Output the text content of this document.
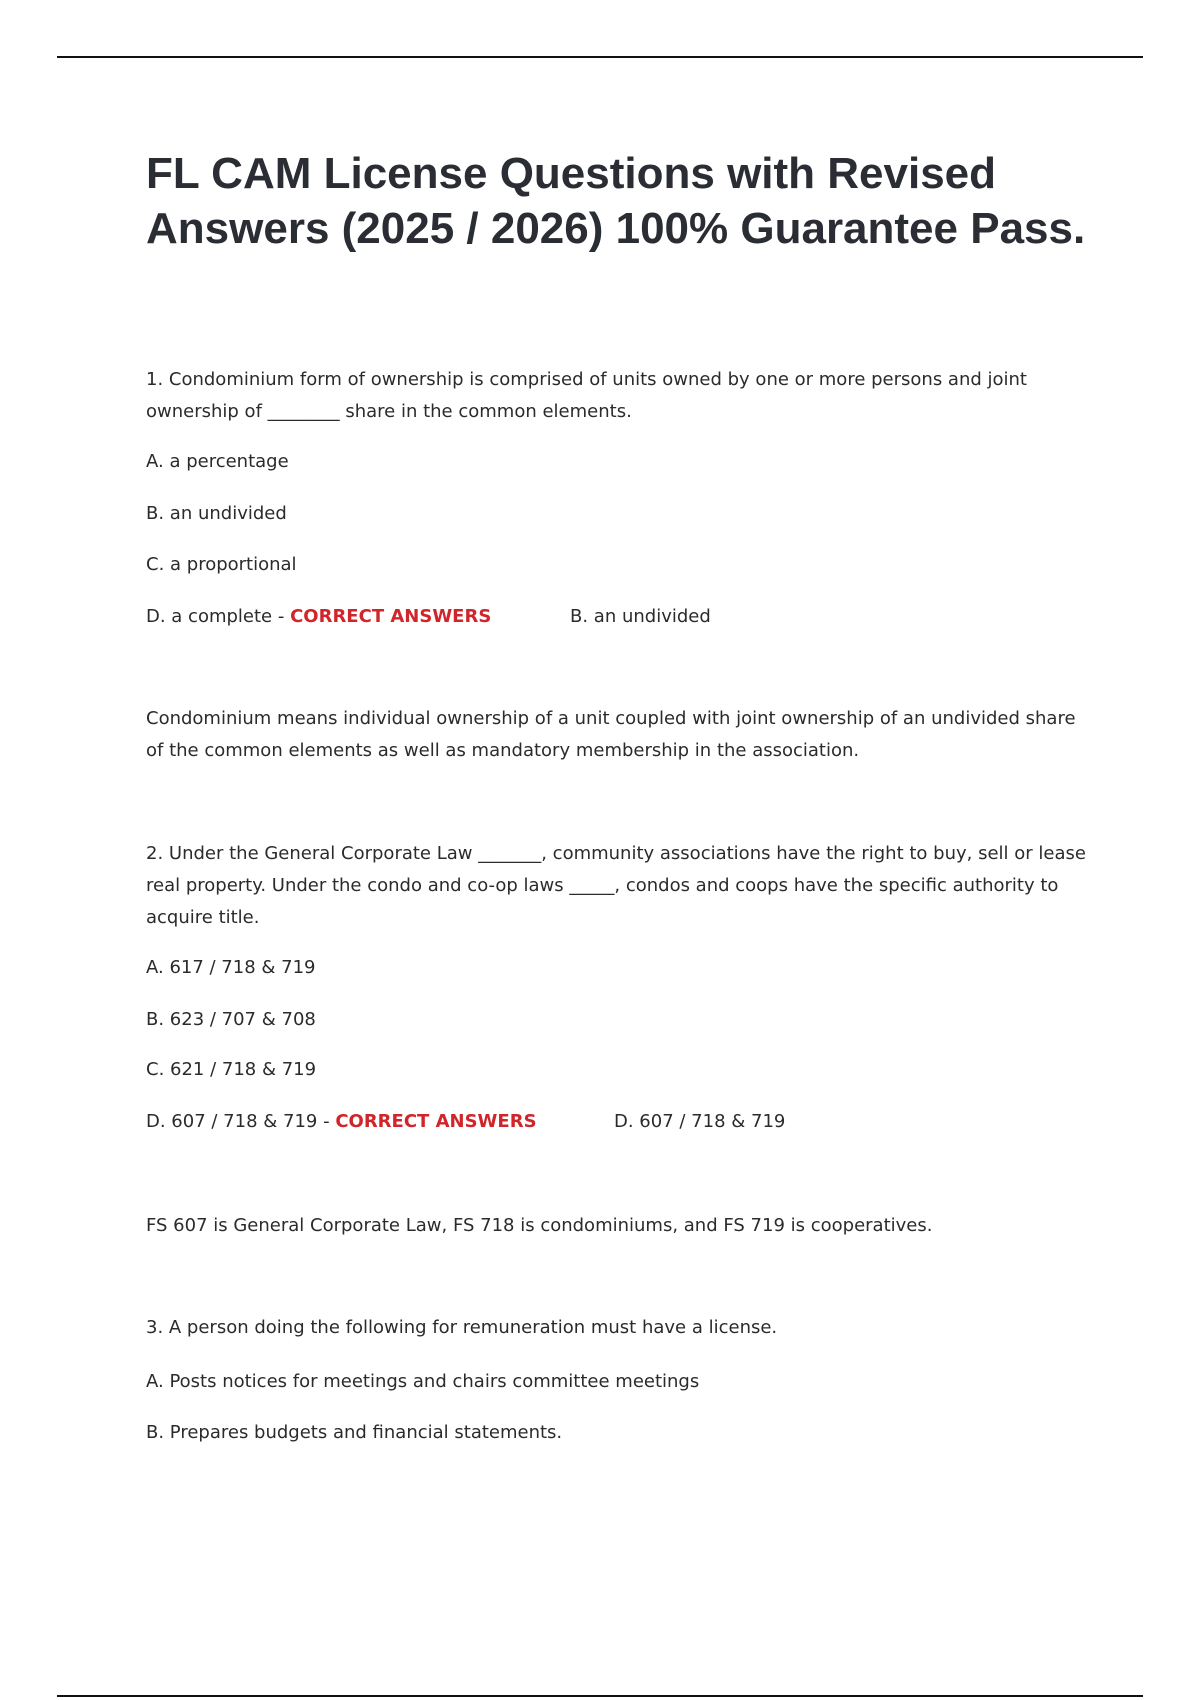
FL CAM License Questions with Revised Answers (2025 / 2026) 100% Guarantee Pass.

1. Condominium form of ownership is comprised of units owned by one or more persons and joint ownership of ________ share in the common elements.

A. a percentage

B. an undivided

C. a proportional

D. a complete - CORRECT ANSWERS	B. an undivided

Condominium means individual ownership of a unit coupled with joint ownership of an undivided share of the common elements as well as mandatory membership in the association.

2. Under the General Corporate Law _______, community associations have the right to buy, sell or lease real property. Under the condo and co-op laws _____, condos and coops have the specific authority to acquire title.

A. 617 / 718 & 719

B. 623 / 707 & 708

C. 621 / 718 & 719

D. 607 / 718 & 719 - CORRECT ANSWERS	D. 607 / 718 & 719

FS 607 is General Corporate Law, FS 718 is condominiums, and FS 719 is cooperatives.

3. A person doing the following for remuneration must have a license.

A. Posts notices for meetings and chairs committee meetings

B. Prepares budgets and financial statements.
